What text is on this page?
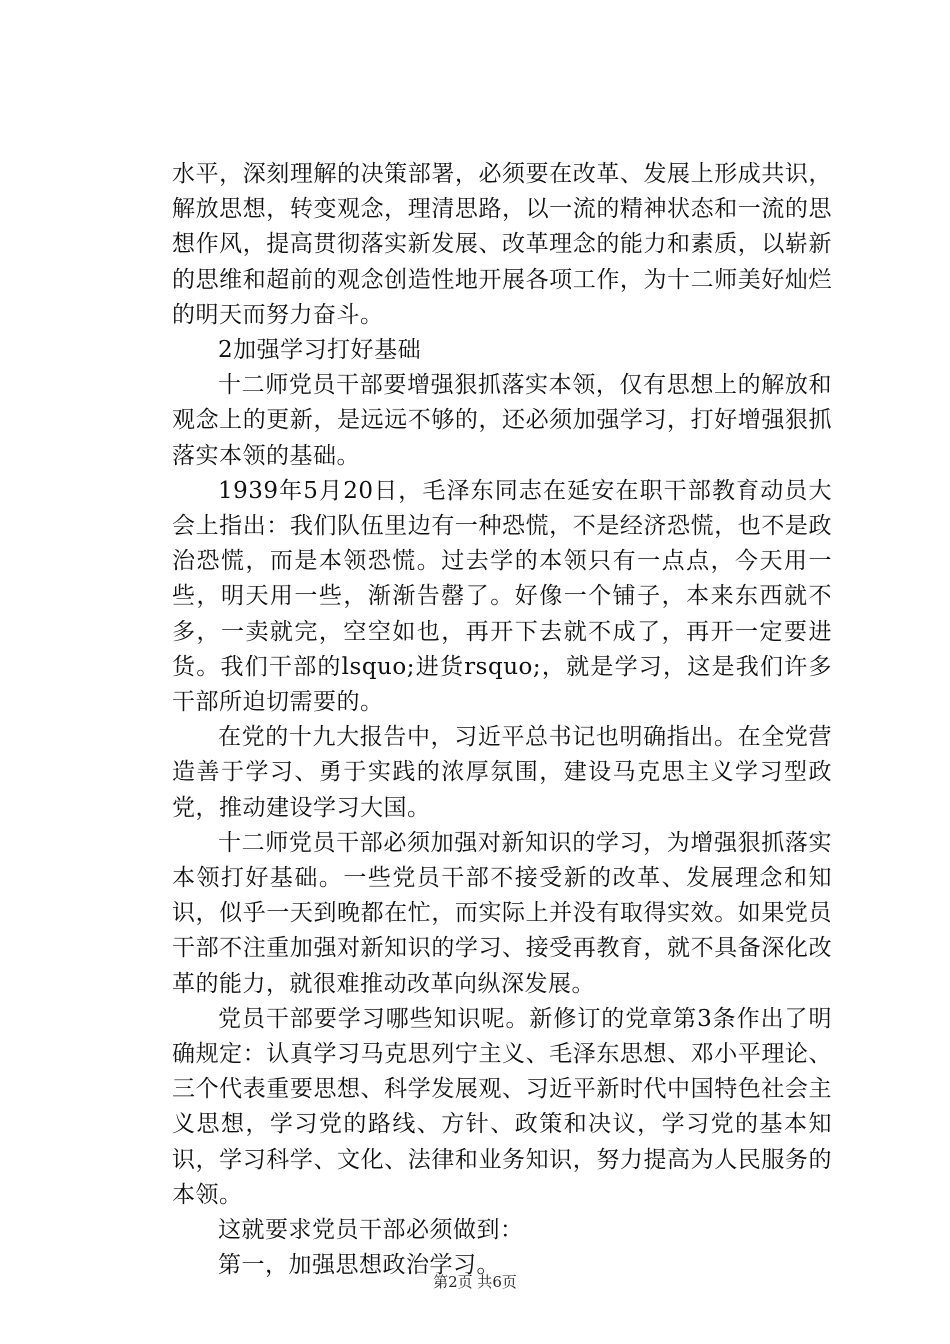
水平，深刻理解的决策部署，必须要在改革、发展上形成共识，解放思想，转变观念，理清思路，以一流的精神状态和一流的思想作风，提高贯彻落实新发展、改革理念的能力和素质，以崭新的思维和超前的观念创造性地开展各项工作，为十二师美好灿烂的明天而努力奋斗。

2加强学习打好基础

十二师党员干部要增强狠抓落实本领，仅有思想上的解放和观念上的更新，是远远不够的，还必须加强学习，打好增强狠抓落实本领的基础。

1939年5月20日，毛泽东同志在延安在职干部教育动员大会上指出：我们队伍里边有一种恐慌，不是经济恐慌，也不是政治恐慌，而是本领恐慌。过去学的本领只有一点点，今天用一些，明天用一些，渐渐告罄了。好像一个铺子，本来东西就不多，一卖就完，空空如也，再开下去就不成了，再开一定要进货。我们干部的lsquo;进货rsquo;，就是学习，这是我们许多干部所迫切需要的。

在党的十九大报告中，习近平总书记也明确指出。在全党营造善于学习、勇于实践的浓厚氛围，建设马克思主义学习型政党，推动建设学习大国。

十二师党员干部必须加强对新知识的学习，为增强狠抓落实本领打好基础。一些党员干部不接受新的改革、发展理念和知识，似乎一天到晚都在忙，而实际上并没有取得实效。如果党员干部不注重加强对新知识的学习、接受再教育，就不具备深化改革的能力，就很难推动改革向纵深发展。

党员干部要学习哪些知识呢。新修订的党章第3条作出了明确规定：认真学习马克思列宁主义、毛泽东思想、邓小平理论、三个代表重要思想、科学发展观、习近平新时代中国特色社会主义思想，学习党的路线、方针、政策和决议，学习党的基本知识，学习科学、文化、法律和业务知识，努力提高为人民服务的本领。

这就要求党员干部必须做到：

第一，加强思想政治学习。

第2页 共6页
